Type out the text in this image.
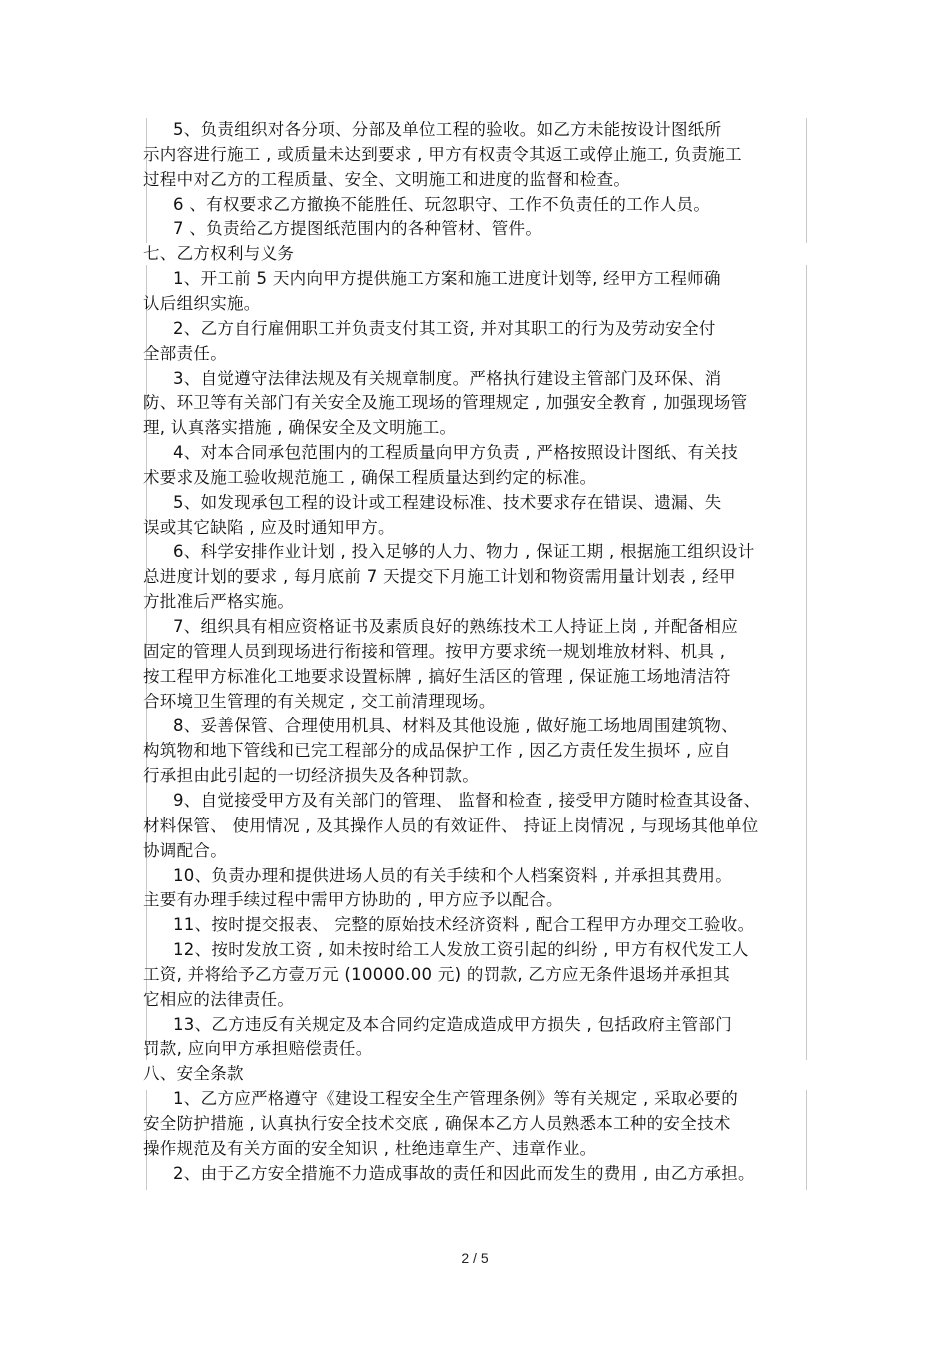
5、负责组织对各分项、分部及单位工程的验收。如乙方未能按设计图纸所
示内容进行施工 , 或质量未达到要求 , 甲方有权责令其返工或停止施工, 负责施工
过程中对乙方的工程质量、安全、文明施工和进度的监督和检查。
6 、有权要求乙方撤换不能胜任、玩忽职守、工作不负责任的工作人员。
7 、负责给乙方提图纸范围内的各种管材、管件。
七、乙方权利与义务
1、开工前 5 天内向甲方提供施工方案和施工进度计划等, 经甲方工程师确
认后组织实施。
2、乙方自行雇佣职工并负责支付其工资, 并对其职工的行为及劳动安全付
全部责任。
3、自觉遵守法律法规及有关规章制度。严格执行建设主管部门及环保、消
防、环卫等有关部门有关安全及施工现场的管理规定 , 加强安全教育 , 加强现场管
理, 认真落实措施 , 确保安全及文明施工。
4、对本合同承包范围内的工程质量向甲方负责 , 严格按照设计图纸、有关技
术要求及施工验收规范施工 , 确保工程质量达到约定的标准。
5、如发现承包工程的设计或工程建设标准、技术要求存在错误、遗漏、失
误或其它缺陷 , 应及时通知甲方。
6、科学安排作业计划 , 投入足够的人力、物力 , 保证工期 , 根据施工组织设计
总进度计划的要求 , 每月底前 7 天提交下月施工计划和物资需用量计划表 , 经甲
方批准后严格实施。
7、组织具有相应资格证书及素质良好的熟练技术工人持证上岗 , 并配备相应
固定的管理人员到现场进行衔接和管理。按甲方要求统一规划堆放材料、机具 ,
按工程甲方标准化工地要求设置标牌 , 搞好生活区的管理 , 保证施工场地清洁符
合环境卫生管理的有关规定 , 交工前清理现场。
8、妥善保管、合理使用机具、材料及其他设施 , 做好施工场地周围建筑物、
构筑物和地下管线和已完工程部分的成品保护工作 , 因乙方责任发生损坏 , 应自
行承担由此引起的一切经济损失及各种罚款。
9、自觉接受甲方及有关部门的管理、 监督和检查 , 接受甲方随时检查其设备、
材料保管、 使用情况 , 及其操作人员的有效证件、 持证上岗情况 , 与现场其他单位
协调配合。
10、负责办理和提供进场人员的有关手续和个人档案资料 , 并承担其费用。
主要有办理手续过程中需甲方协助的 , 甲方应予以配合。
11、按时提交报表、 完整的原始技术经济资料 , 配合工程甲方办理交工验收。
12、按时发放工资 , 如未按时给工人发放工资引起的纠纷 , 甲方有权代发工人
工资, 并将给予乙方壹万元 (10000.00 元) 的罚款, 乙方应无条件退场并承担其
它相应的法律责任。
13、乙方违反有关规定及本合同约定造成造成甲方损失 , 包括政府主管部门
罚款, 应向甲方承担赔偿责任。
八、安全条款
1、乙方应严格遵守《建设工程安全生产管理条例》等有关规定 , 采取必要的
安全防护措施 , 认真执行安全技术交底 , 确保本乙方人员熟悉本工种的安全技术
操作规范及有关方面的安全知识 , 杜绝违章生产、违章作业。
2、由于乙方安全措施不力造成事故的责任和因此而发生的费用 , 由乙方承担。
2 / 5
